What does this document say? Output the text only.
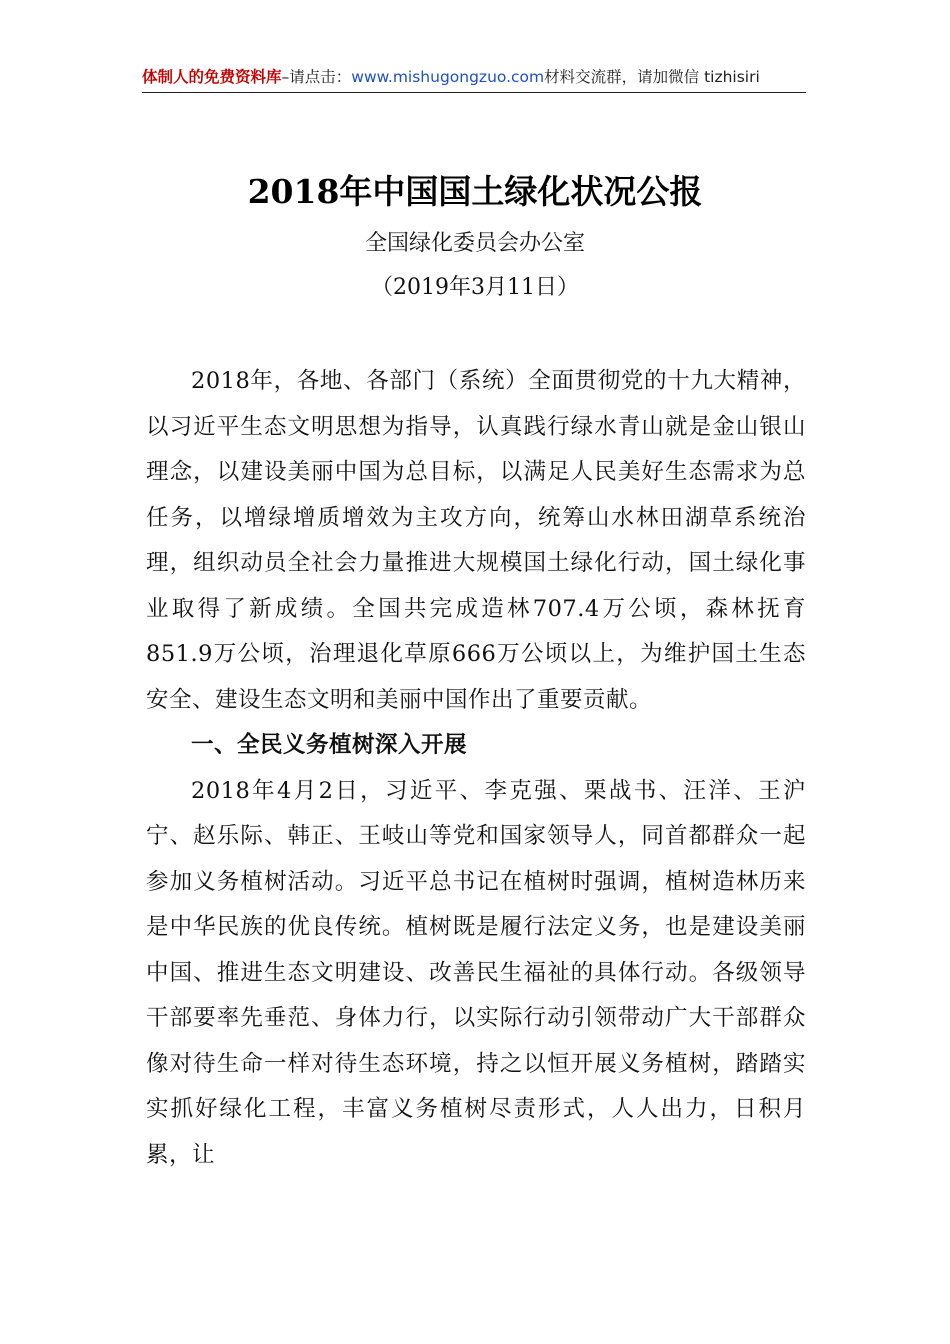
体制人的免费资料库–请点击：www.mishugongzuo.com材料交流群，请加微信 tizhisiri
2018年中国国土绿化状况公报
全国绿化委员会办公室
（2019年3月11日）

2018年，各地、各部门（系统）全面贯彻党的十九大精神，以习近平生态文明思想为指导，认真践行绿水青山就是金山银山理念，以建设美丽中国为总目标，以满足人民美好生态需求为总任务，以增绿增质增效为主攻方向，统筹山水林田湖草系统治理，组织动员全社会力量推进大规模国土绿化行动，国土绿化事业取得了新成绩。全国共完成造林707.4万公顷，森林抚育851.9万公顷，治理退化草原666万公顷以上，为维护国土生态安全、建设生态文明和美丽中国作出了重要贡献。

一、全民义务植树深入开展

2018年4月2日，习近平、李克强、栗战书、汪洋、王沪宁、赵乐际、韩正、王岐山等党和国家领导人，同首都群众一起参加义务植树活动。习近平总书记在植树时强调，植树造林历来是中华民族的优良传统。植树既是履行法定义务，也是建设美丽中国、推进生态文明建设、改善民生福祉的具体行动。各级领导干部要率先垂范、身体力行，以实际行动引领带动广大干部群众像对待生命一样对待生态环境，持之以恒开展义务植树，踏踏实实抓好绿化工程，丰富义务植树尽责形式，人人出力，日积月累，让
